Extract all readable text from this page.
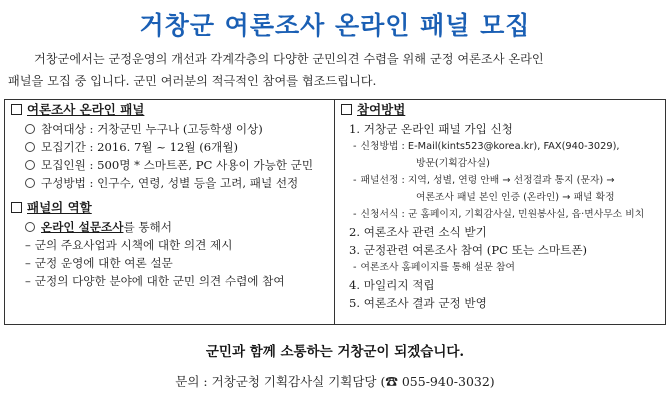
거창군 여론조사 온라인 패널 모집
거창군에서는 군정운영의 개선과 각계각층의 다양한 군민의견 수렴을 위해 군정 여론조사 온라인
패널을 모집 중 입니다. 군민 여러분의 적극적인 참여를 협조드립니다.
여론조사 온라인 패널
참여대상 : 거창군민 누구나 (고등학생 이상)
모집기간 : 2016. 7월 ~ 12월 (6개월)
모집인원 : 500명 * 스마트폰, PC 사용이 가능한 군민
구성방법 : 인구수, 연령, 성별 등을 고려, 패널 선정
패널의 역할
온라인 설문조사를 통해서
– 군의 주요사업과 시책에 대한 의견 제시
– 군정 운영에 대한 여론 설문
– 군정의 다양한 분야에 대한 군민 의견 수렴에 참여
참여방법
1. 거창군 온라인 패널 가입 신청
- 신청방법 : E-Mail(kints523@korea.kr), FAX(940-3029),
방문(기획감사실)
- 패널선정 : 지역, 성별, 연령 안배 → 선정결과 통지 (문자) →
여론조사 패널 본인 인증 (온라인) → 패널 확정
- 신청서식 : 군 홈페이지, 기획감사실, 민원봉사실, 읍·면사무소 비치
2. 여론조사 관련 소식 받기
3. 군정관련 여론조사 참여 (PC 또는 스마트폰)
- 여론조사 홈페이지를 통해 설문 참여
4. 마일리지 적립
5. 여론조사 결과 군정 반영
군민과 함께 소통하는 거창군이 되겠습니다.
문의 : 거창군청 기획감사실 기획담당 (☎ 055-940-3032)
